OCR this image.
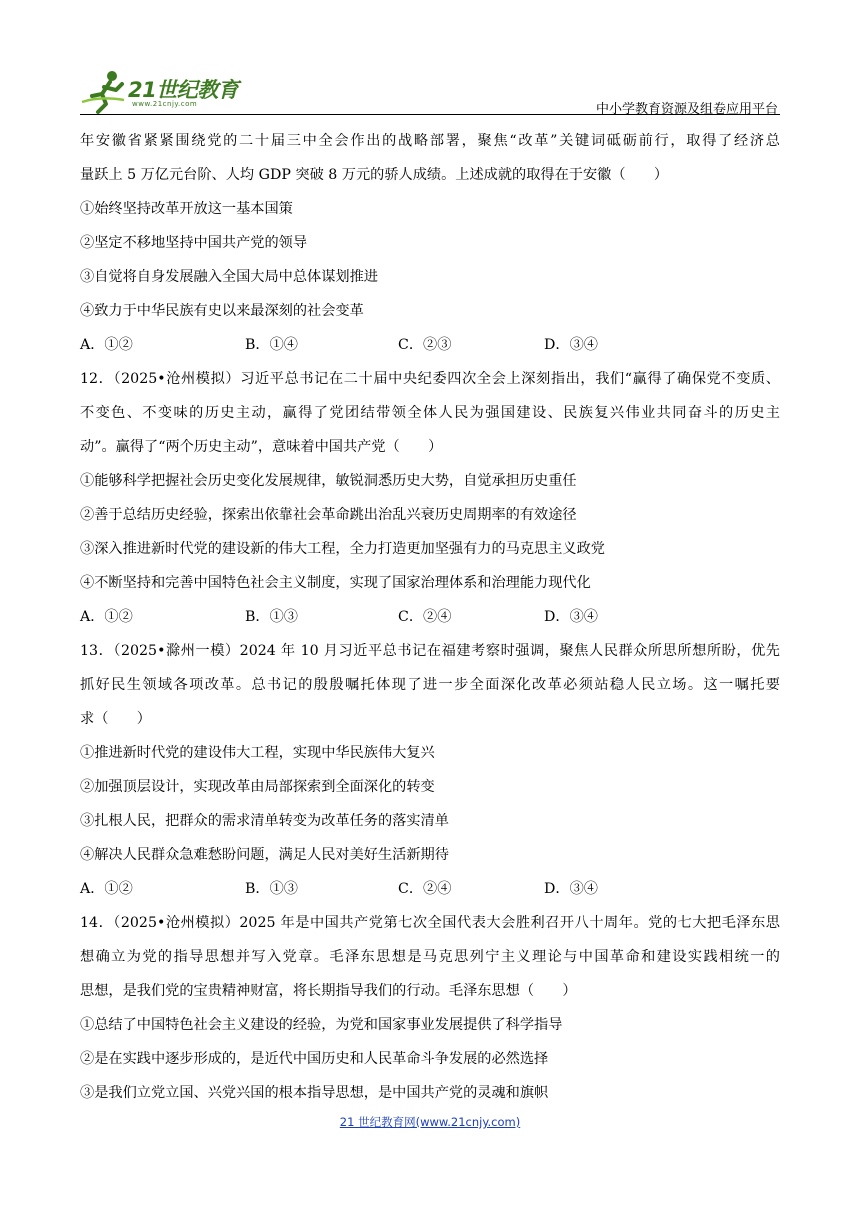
21世纪教育
www.21cnjy.com	中小学教育资源及组卷应用平台
年安徽省紧紧围绕党的二十届三中全会作出的战略部署，聚焦“改革”关键词砥砺前行，取得了经济总
量跃上 5 万亿元台阶、人均 GDP 突破 8 万元的骄人成绩。上述成就的取得在于安徽（　　）
①始终坚持改革开放这一基本国策
②坚定不移地坚持中国共产党的领导
③自觉将自身发展融入全国大局中总体谋划推进
④致力于中华民族有史以来最深刻的社会变革
A．①②	B．①④	C．②③	D．③④
12．（2025•沧州模拟）习近平总书记在二十届中央纪委四次全会上深刻指出，我们“赢得了确保党不变质、
不变色、不变味的历史主动，赢得了党团结带领全体人民为强国建设、民族复兴伟业共同奋斗的历史主
动”。赢得了“两个历史主动”，意味着中国共产党（　　）
①能够科学把握社会历史变化发展规律，敏锐洞悉历史大势，自觉承担历史重任
②善于总结历史经验，探索出依靠社会革命跳出治乱兴衰历史周期率的有效途径
③深入推进新时代党的建设新的伟大工程，全力打造更加坚强有力的马克思主义政党
④不断坚持和完善中国特色社会主义制度，实现了国家治理体系和治理能力现代化
A．①②	B．①③	C．②④	D．③④
13．（2025•滁州一模）2024 年 10 月习近平总书记在福建考察时强调，聚焦人民群众所思所想所盼，优先
抓好民生领域各项改革。总书记的殷殷嘱托体现了进一步全面深化改革必须站稳人民立场。这一嘱托要
求（　　）
①推进新时代党的建设伟大工程，实现中华民族伟大复兴
②加强顶层设计，实现改革由局部探索到全面深化的转变
③扎根人民，把群众的需求清单转变为改革任务的落实清单
④解决人民群众急难愁盼问题，满足人民对美好生活新期待
A．①②	B．①③	C．②④	D．③④
14．（2025•沧州模拟）2025 年是中国共产党第七次全国代表大会胜利召开八十周年。党的七大把毛泽东思
想确立为党的指导思想并写入党章。毛泽东思想是马克思列宁主义理论与中国革命和建设实践相统一的
思想，是我们党的宝贵精神财富，将长期指导我们的行动。毛泽东思想（　　）
①总结了中国特色社会主义建设的经验，为党和国家事业发展提供了科学指导
②是在实践中逐步形成的，是近代中国历史和人民革命斗争发展的必然选择
③是我们立党立国、兴党兴国的根本指导思想，是中国共产党的灵魂和旗帜
21 世纪教育网(www.21cnjy.com)
